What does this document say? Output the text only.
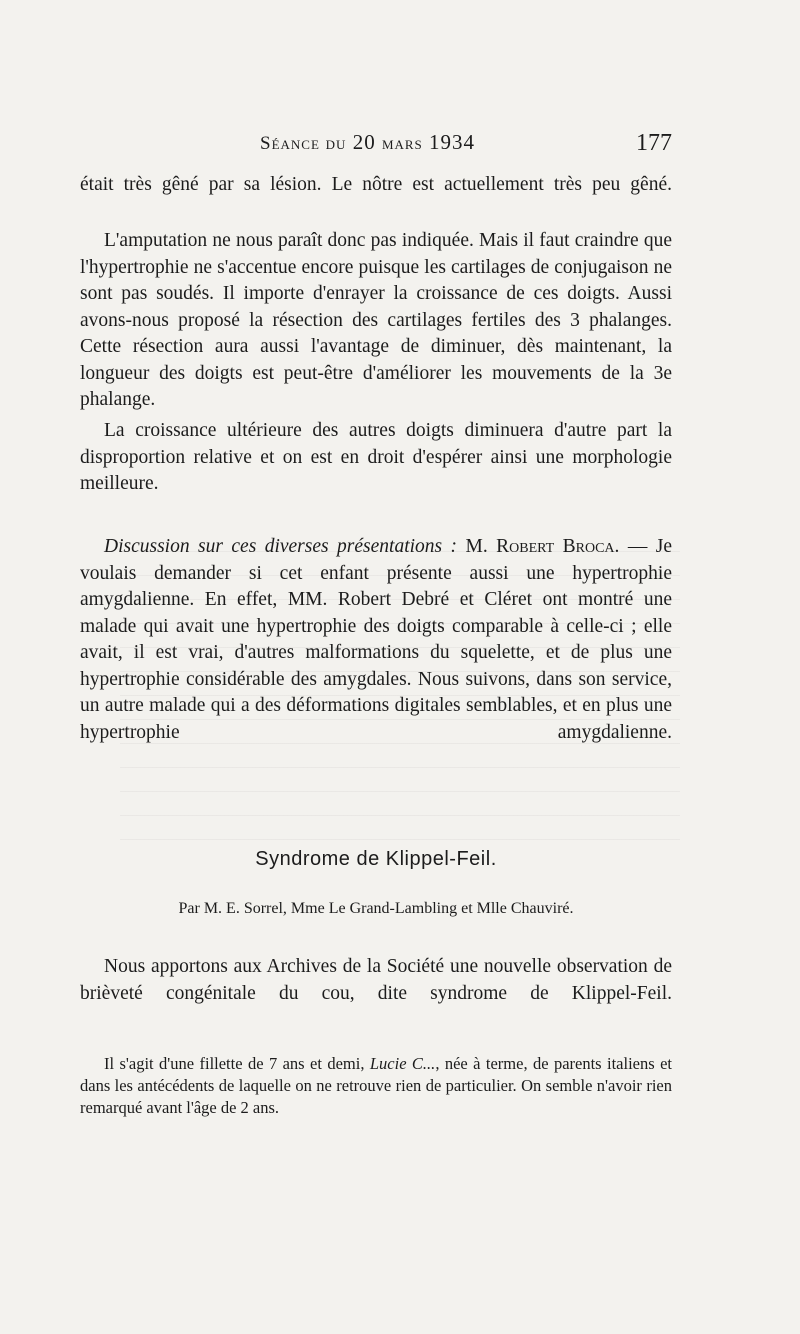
Séance du 20 mars 1934	177

était très gêné par sa lésion. Le nôtre est actuellement très peu gêné.

L'amputation ne nous paraît donc pas indiquée. Mais il faut craindre que l'hypertrophie ne s'accentue encore puisque les cartilages de conjugaison ne sont pas soudés. Il importe d'enrayer la croissance de ces doigts. Aussi avons-nous proposé la résection des cartilages fertiles des 3 phalanges. Cette résection aura aussi l'avantage de diminuer, dès maintenant, la longueur des doigts est peut-être d'améliorer les mouvements de la 3e phalange.

La croissance ultérieure des autres doigts diminuera d'autre part la disproportion relative et on est en droit d'espérer ainsi une morphologie meilleure.

Discussion sur ces diverses présentations : M. Robert Broca. — Je voulais demander si cet enfant présente aussi une hypertrophie amygdalienne. En effet, MM. Robert Debré et Cléret ont montré une malade qui avait une hypertrophie des doigts comparable à celle-ci ; elle avait, il est vrai, d'autres malformations du squelette, et de plus une hypertrophie considérable des amygdales. Nous suivons, dans son service, un autre malade qui a des déformations digitales semblables, et en plus une hypertrophie amygdalienne.

Syndrome de Klippel-Feil.
Par M. E. Sorrel, Mme Le Grand-Lambling et Mlle Chauviré.

Nous apportons aux Archives de la Société une nouvelle observation de brièveté congénitale du cou, dite syndrome de Klippel-Feil.

Il s'agit d'une fillette de 7 ans et demi, Lucie C..., née à terme, de parents italiens et dans les antécédents de laquelle on ne retrouve rien de particulier. On semble n'avoir rien remarqué avant l'âge de 2 ans.
